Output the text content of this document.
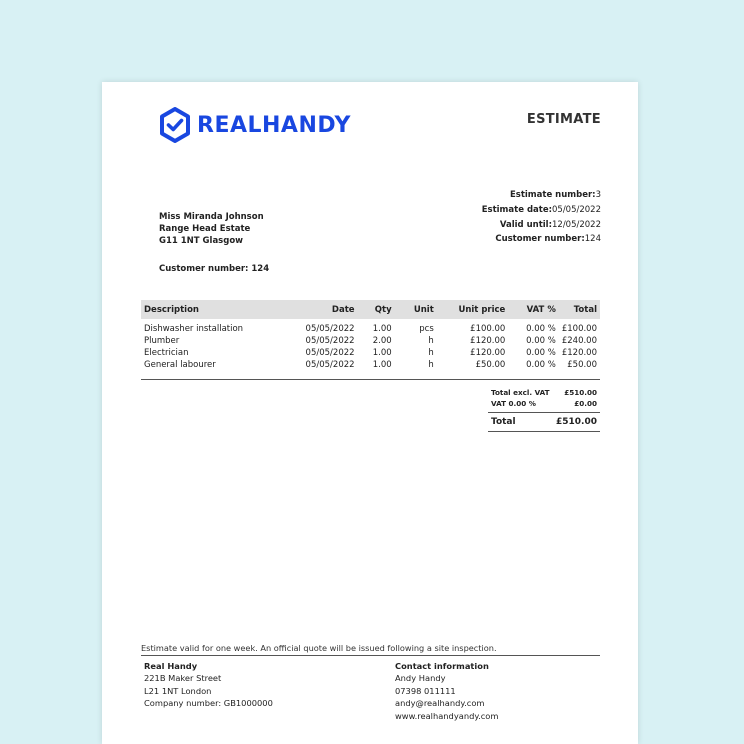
REALHANDY	ESTIMATE
Estimate number:3
Estimate date:05/05/2022
Valid until:12/05/2022
Customer number:124
Miss Miranda Johnson
Range Head Estate
G11 1NT Glasgow
Customer number: 124
Description	Date	Qty	Unit	Unit price	VAT %	Total
Dishwasher installation	05/05/2022	1.00	pcs	£100.00	0.00 %	£100.00
Plumber	05/05/2022	2.00	h	£120.00	0.00 %	£240.00
Electrician	05/05/2022	1.00	h	£120.00	0.00 %	£120.00
General labourer	05/05/2022	1.00	h	£50.00	0.00 %	£50.00
Total excl. VAT £510.00
VAT 0.00 %	£0.00
Total	£510.00
Estimate valid for one week. An official quote will be issued following a site inspection.
Real Handy
221B Maker Street
L21 1NT London
Company number: GB1000000
Contact information
Andy Handy
07398 011111
andy@realhandy.com
www.realhandyandy.com
